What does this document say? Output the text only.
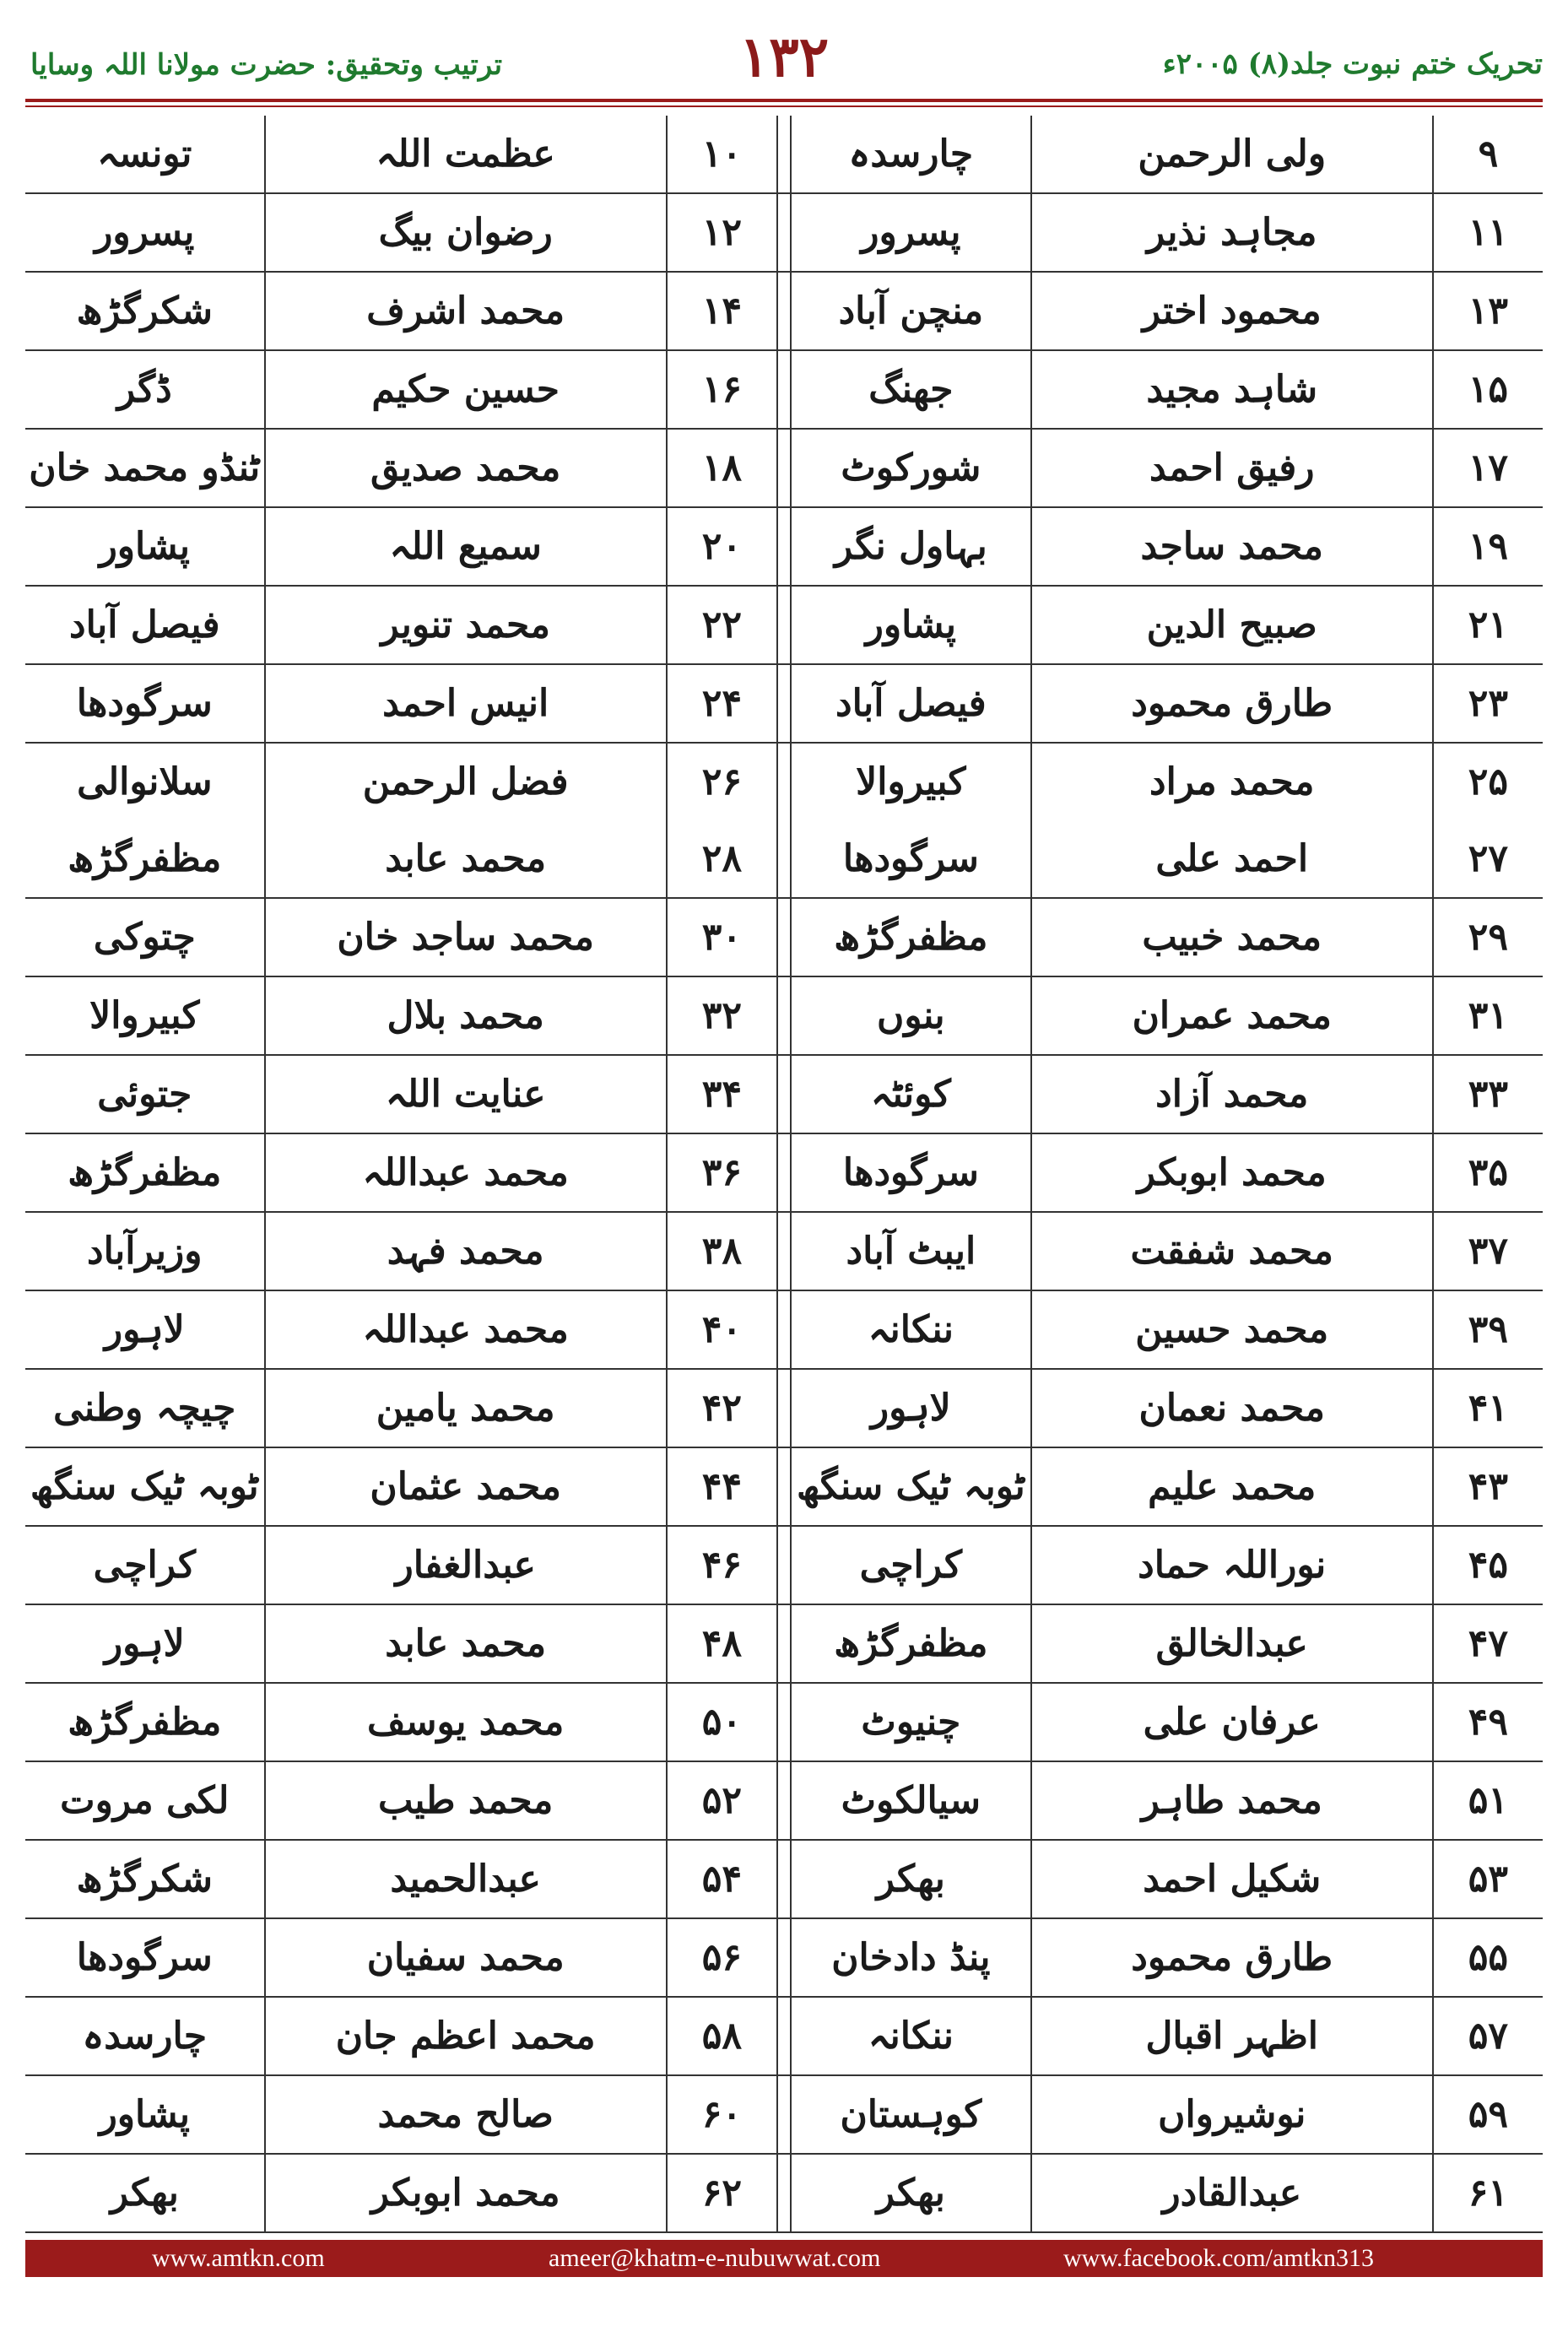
ترتیب وتحقیق: حضرت مولانا اللہ وسایا	۱۳۲	تحریک ختم نبوت جلد(۸) ۲۰۰۵ء
۹	ولی الرحمن	چارسدہ		۱۰	عظمت اللہ	تونسہ
۱۱	مجاہد نذیر	پسرور		۱۲	رضوان بیگ	پسرور
۱۳	محمود اختر	منچن آباد		۱۴	محمد اشرف	شکرگڑھ
۱۵	شاہد مجید	جھنگ		۱۶	حسین حکیم	ڈگر
۱۷	رفیق احمد	شورکوٹ		۱۸	محمد صدیق	ٹنڈو محمد خان
۱۹	محمد ساجد	بہاول نگر		۲۰	سمیع اللہ	پشاور
۲۱	صبیح الدین	پشاور		۲۲	محمد تنویر	فیصل آباد
۲۳	طارق محمود	فیصل آباد		۲۴	انیس احمد	سرگودھا
۲۵	محمد مراد	کبیروالا		۲۶	فضل الرحمن	سلانوالی
۲۷	احمد علی	سرگودھا		۲۸	محمد عابد	مظفرگڑھ
۲۹	محمد خبیب	مظفرگڑھ		۳۰	محمد ساجد خان	چتوکی
۳۱	محمد عمران	بنوں		۳۲	محمد بلال	کبیروالا
۳۳	محمد آزاد	کوئٹہ		۳۴	عنایت اللہ	جتوئی
۳۵	محمد ابوبکر	سرگودھا		۳۶	محمد عبداللہ	مظفرگڑھ
۳۷	محمد شفقت	ایبٹ آباد		۳۸	محمد فہد	وزیرآباد
۳۹	محمد حسین	ننکانہ		۴۰	محمد عبداللہ	لاہور
۴۱	محمد نعمان	لاہور		۴۲	محمد یامین	چیچہ وطنی
۴۳	محمد علیم	ٹوبہ ٹیک سنگھ		۴۴	محمد عثمان	ٹوبہ ٹیک سنگھ
۴۵	نوراللہ حماد	کراچی		۴۶	عبدالغفار	کراچی
۴۷	عبدالخالق	مظفرگڑھ		۴۸	محمد عابد	لاہور
۴۹	عرفان علی	چنیوٹ		۵۰	محمد یوسف	مظفرگڑھ
۵۱	محمد طاہر	سیالکوٹ		۵۲	محمد طیب	لکی مروت
۵۳	شکیل احمد	بھکر		۵۴	عبدالحمید	شکرگڑھ
۵۵	طارق محمود	پنڈ دادخان		۵۶	محمد سفیان	سرگودھا
۵۷	اظہر اقبال	ننکانہ		۵۸	محمد اعظم جان	چارسدہ
۵۹	نوشیرواں	کوہستان		۶۰	صالح محمد	پشاور
۶۱	عبدالقادر	بھکر		۶۲	محمد ابوبکر	بھکر
www.amtkn.com	ameer@khatm-e-nubuwwat.com	www.facebook.com/amtkn313
